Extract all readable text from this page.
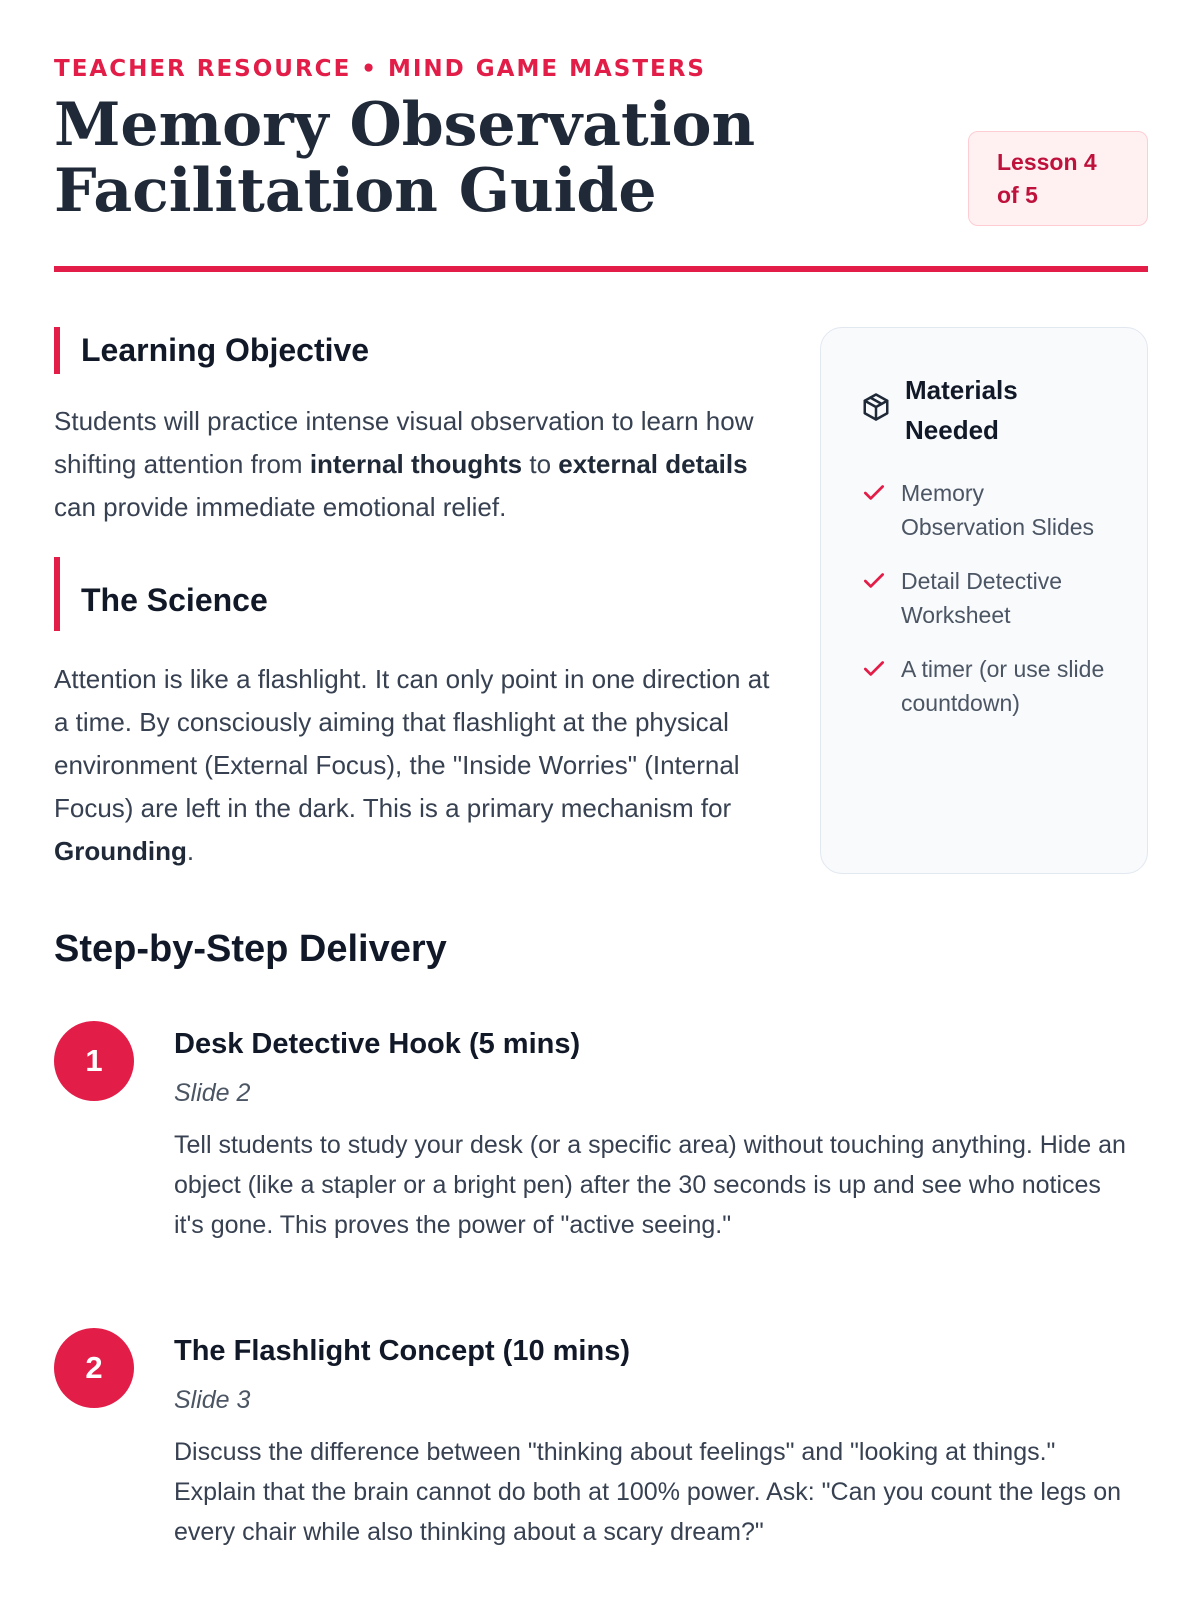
TEACHER RESOURCE • MIND GAME MASTERS
Memory Observation Facilitation Guide	Lesson 4 of 5
Learning Objective

Students will practice intense visual observation to learn how shifting attention from internal thoughts to external details can provide immediate emotional relief.

The Science

Attention is like a flashlight. It can only point in one direction at a time. By consciously aiming that flashlight at the physical environment (External Focus), the "Inside Worries" (Internal Focus) are left in the dark. This is a primary mechanism for Grounding.

Materials Needed
Memory Observation Slides
Detail Detective Worksheet
A timer (or use slide countdown)
Step-by-Step Delivery
1	Desk Detective Hook (5 mins)
Slide 2
Tell students to study your desk (or a specific area) without touching anything. Hide an object (like a stapler or a bright pen) after the 30 seconds is up and see who notices it's gone. This proves the power of "active seeing."
2	The Flashlight Concept (10 mins)
Slide 3
Discuss the difference between "thinking about feelings" and "looking at things." Explain that the brain cannot do both at 100% power. Ask: "Can you count the legs on every chair while also thinking about a scary dream?"
